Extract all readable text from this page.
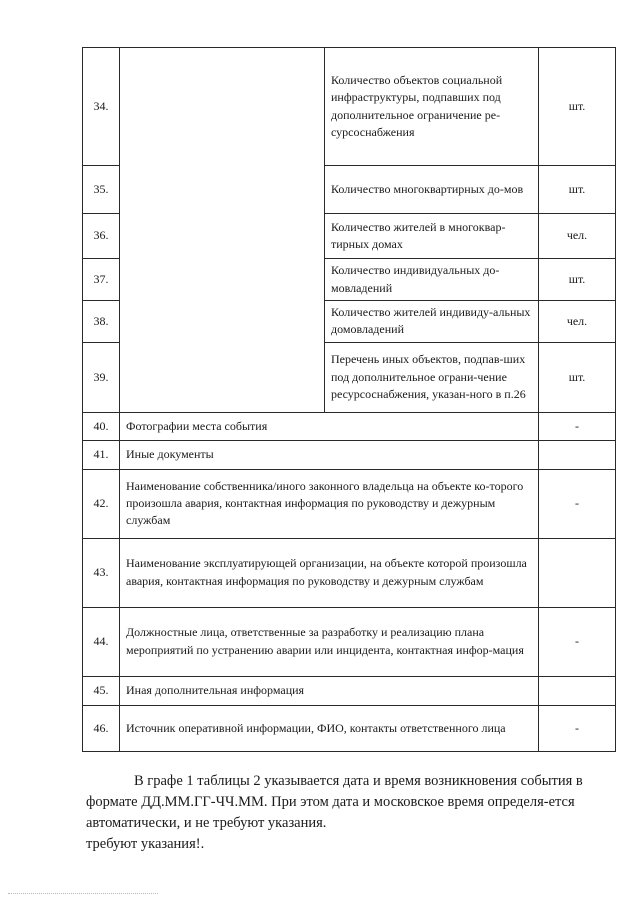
34.		Количество объектов социальной инфраструктуры, подпавших под дополнительное ограничение ре-сурсоснабжения	шт.
35.		Количество многоквартирных до-мов	шт.
36.		Количество жителей в многоквар-тирных домах	чел.
37.		Количество индивидуальных до-мовладений	шт.
38.		Количество жителей индивиду-альных домовладений	чел.
39.		Перечень иных объектов, подпав-ших под дополнительное ограни-чение ресурсоснабжения, указан-ного в п.26	шт.
40.	Фотографии места события		-
41.	Иные документы		
42.	Наименование собственника/иного законного владельца на объекте ко-торого произошла авария, контактная информация по руководству и дежурным службам		-
43.	Наименование эксплуатирующей организации, на объекте которой произошла авария, контактная информация по руководству и дежурным службам		
44.	Должностные лица, ответственные за разработку и реализацию плана мероприятий по устранению аварии или инцидента, контактная инфор-мация		-
45.	Иная дополнительная информация		
46.	Источник оперативной информации, ФИО, контакты ответственного лица		-
В графе 1 таблицы 2 указывается дата и время возникновения события в формате ДД.ММ.ГГ-ЧЧ.ММ. При этом дата и московское время определя-ется автоматически, и не требуют указания.
требуют указания!.
